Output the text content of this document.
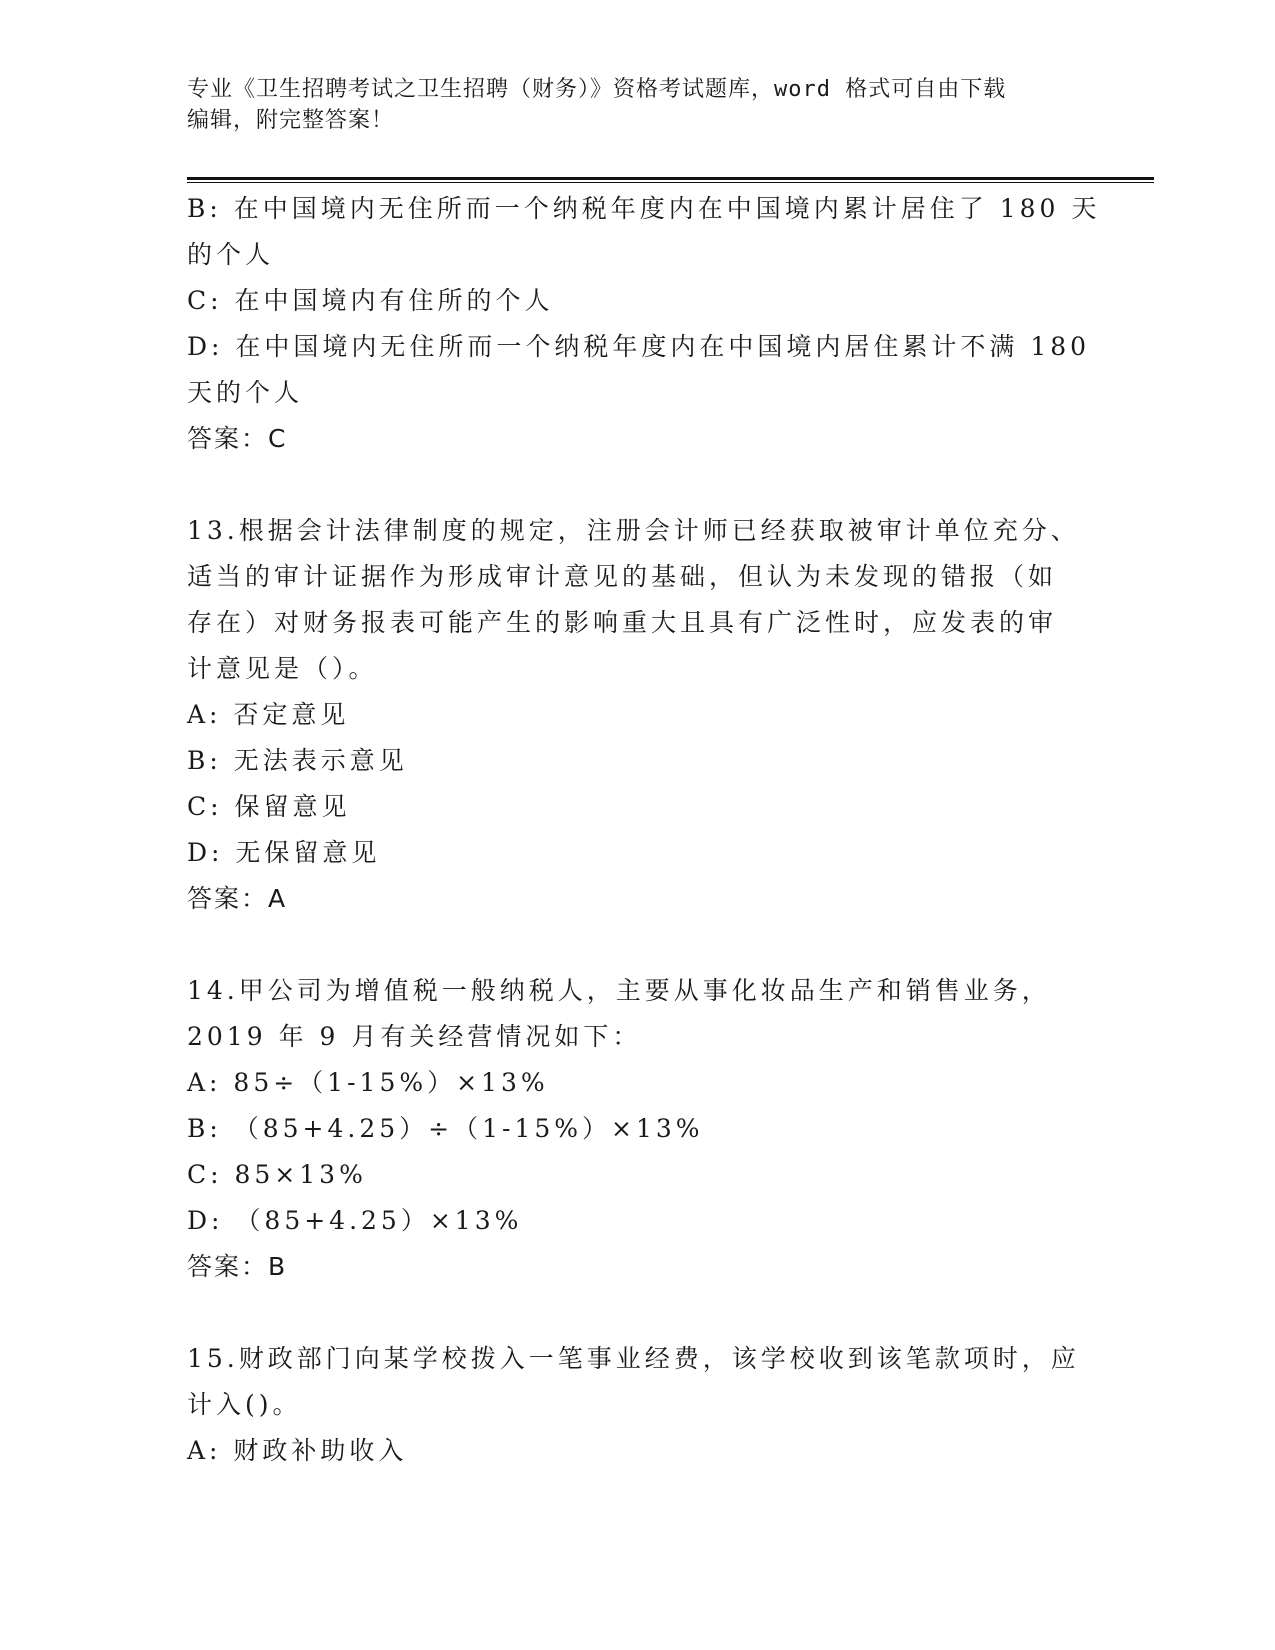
专业《卫生招聘考试之卫生招聘（财务）》资格考试题库，word 格式可自由下载
编辑，附完整答案！
B: 在中国境内无住所而一个纳税年度内在中国境内累计居住了 180 天
的个人
C: 在中国境内有住所的个人
D: 在中国境内无住所而一个纳税年度内在中国境内居住累计不满 180
天的个人
答案：C
13.根据会计法律制度的规定，注册会计师已经获取被审计单位充分、
适当的审计证据作为形成审计意见的基础，但认为未发现的错报（如
存在）对财务报表可能产生的影响重大且具有广泛性时，应发表的审
计意见是（）。
A: 否定意见
B: 无法表示意见
C: 保留意见
D: 无保留意见
答案：A
14.甲公司为增值税一般纳税人，主要从事化妆品生产和销售业务，
2019 年 9 月有关经营情况如下：
A: 85÷（1-15%）×13%
B: （85+4.25）÷（1-15%）×13%
C: 85×13%
D: （85+4.25）×13%
答案：B
15.财政部门向某学校拨入一笔事业经费，该学校收到该笔款项时，应
计入()。
A: 财政补助收入
